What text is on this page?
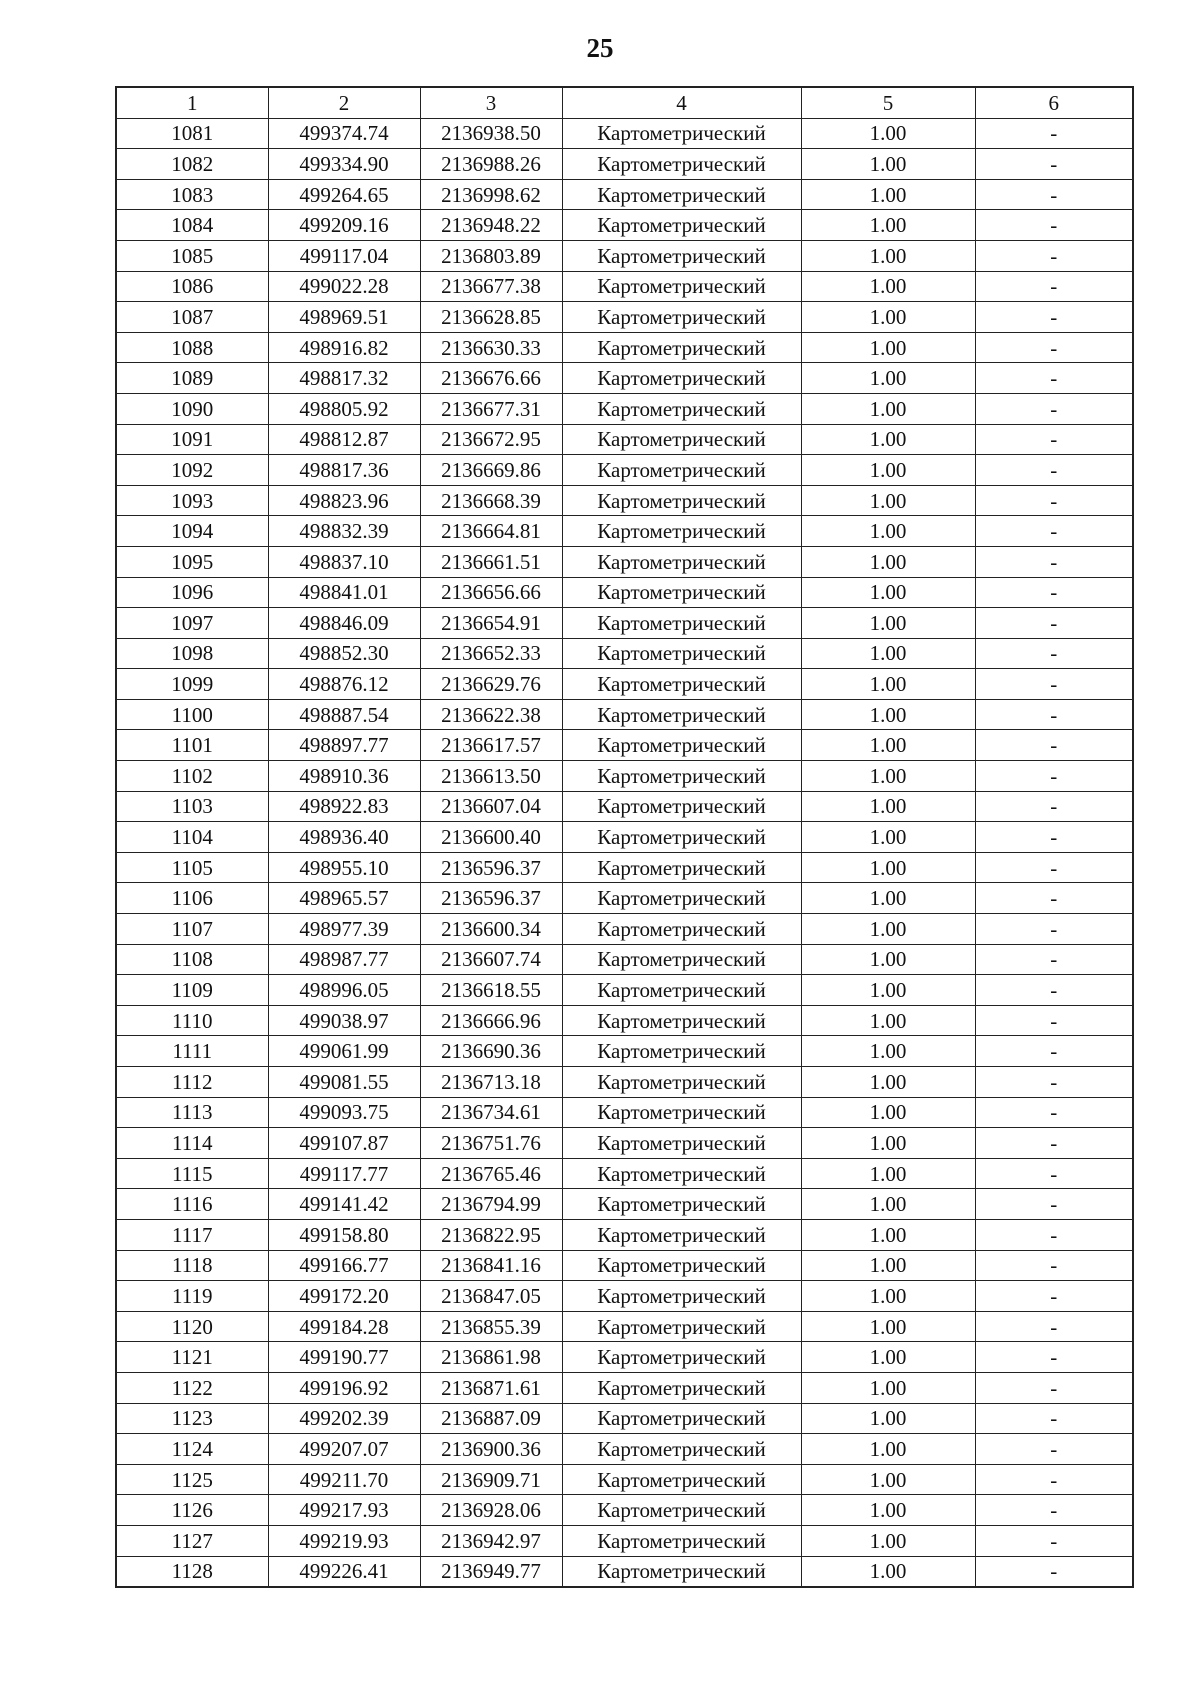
25
1	2	3	4	5	6
1081	499374.74	2136938.50	Картометрический	1.00	-
1082	499334.90	2136988.26	Картометрический	1.00	-
1083	499264.65	2136998.62	Картометрический	1.00	-
1084	499209.16	2136948.22	Картометрический	1.00	-
1085	499117.04	2136803.89	Картометрический	1.00	-
1086	499022.28	2136677.38	Картометрический	1.00	-
1087	498969.51	2136628.85	Картометрический	1.00	-
1088	498916.82	2136630.33	Картометрический	1.00	-
1089	498817.32	2136676.66	Картометрический	1.00	-
1090	498805.92	2136677.31	Картометрический	1.00	-
1091	498812.87	2136672.95	Картометрический	1.00	-
1092	498817.36	2136669.86	Картометрический	1.00	-
1093	498823.96	2136668.39	Картометрический	1.00	-
1094	498832.39	2136664.81	Картометрический	1.00	-
1095	498837.10	2136661.51	Картометрический	1.00	-
1096	498841.01	2136656.66	Картометрический	1.00	-
1097	498846.09	2136654.91	Картометрический	1.00	-
1098	498852.30	2136652.33	Картометрический	1.00	-
1099	498876.12	2136629.76	Картометрический	1.00	-
1100	498887.54	2136622.38	Картометрический	1.00	-
1101	498897.77	2136617.57	Картометрический	1.00	-
1102	498910.36	2136613.50	Картометрический	1.00	-
1103	498922.83	2136607.04	Картометрический	1.00	-
1104	498936.40	2136600.40	Картометрический	1.00	-
1105	498955.10	2136596.37	Картометрический	1.00	-
1106	498965.57	2136596.37	Картометрический	1.00	-
1107	498977.39	2136600.34	Картометрический	1.00	-
1108	498987.77	2136607.74	Картометрический	1.00	-
1109	498996.05	2136618.55	Картометрический	1.00	-
1110	499038.97	2136666.96	Картометрический	1.00	-
1111	499061.99	2136690.36	Картометрический	1.00	-
1112	499081.55	2136713.18	Картометрический	1.00	-
1113	499093.75	2136734.61	Картометрический	1.00	-
1114	499107.87	2136751.76	Картометрический	1.00	-
1115	499117.77	2136765.46	Картометрический	1.00	-
1116	499141.42	2136794.99	Картометрический	1.00	-
1117	499158.80	2136822.95	Картометрический	1.00	-
1118	499166.77	2136841.16	Картометрический	1.00	-
1119	499172.20	2136847.05	Картометрический	1.00	-
1120	499184.28	2136855.39	Картометрический	1.00	-
1121	499190.77	2136861.98	Картометрический	1.00	-
1122	499196.92	2136871.61	Картометрический	1.00	-
1123	499202.39	2136887.09	Картометрический	1.00	-
1124	499207.07	2136900.36	Картометрический	1.00	-
1125	499211.70	2136909.71	Картометрический	1.00	-
1126	499217.93	2136928.06	Картометрический	1.00	-
1127	499219.93	2136942.97	Картометрический	1.00	-
1128	499226.41	2136949.77	Картометрический	1.00	-
